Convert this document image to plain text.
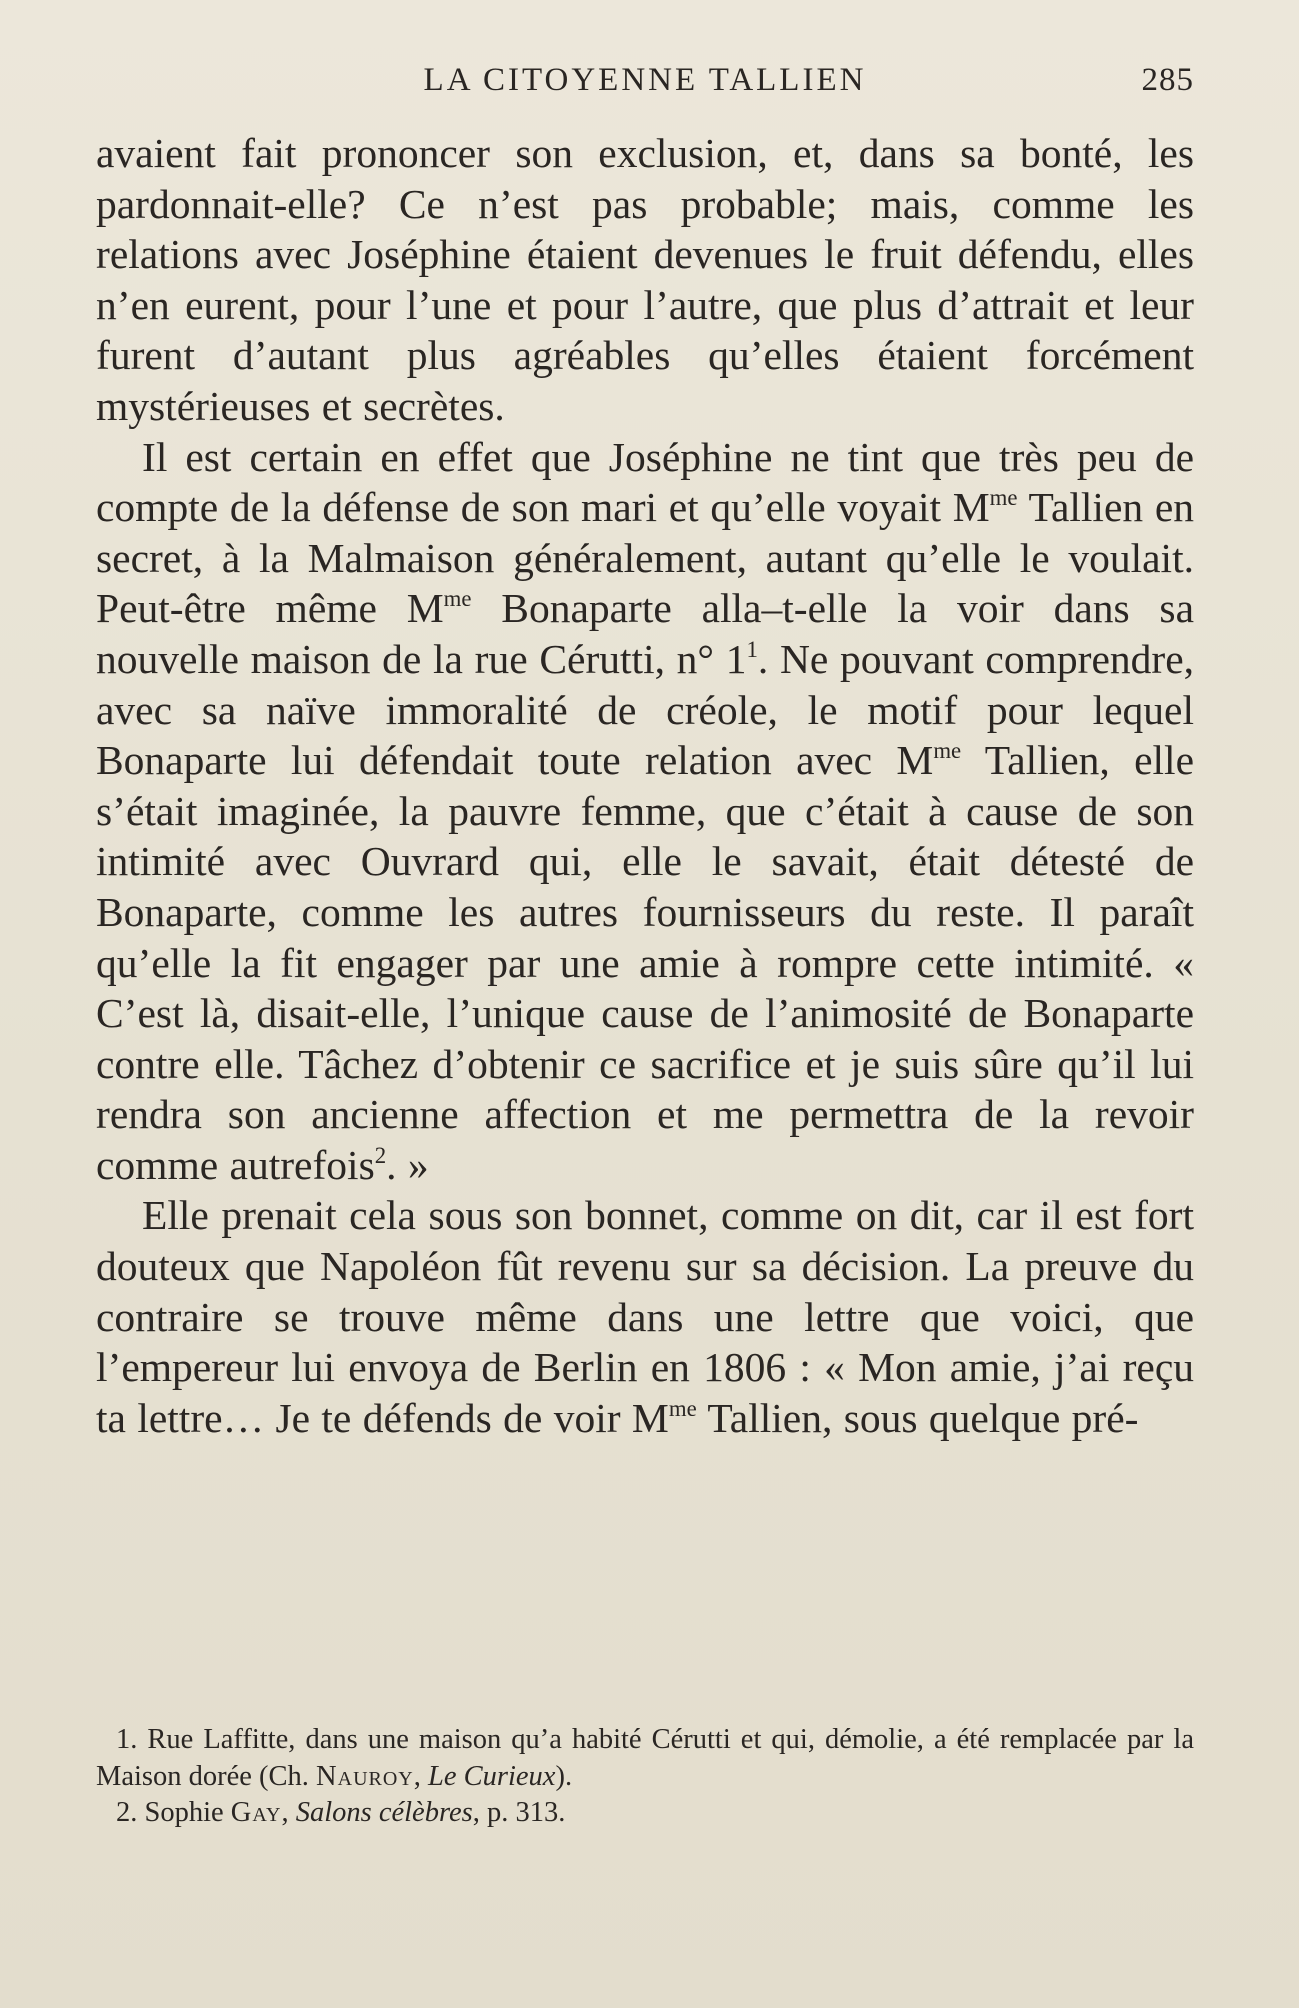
LA CITOYENNE TALLIEN	285

avaient fait prononcer son exclusion, et, dans sa bonté, les pardonnait-elle? Ce n’est pas probable; mais, comme les relations avec Joséphine étaient devenues le fruit défendu, elles n’en eurent, pour l’une et pour l’autre, que plus d’attrait et leur furent d’autant plus agréables qu’elles étaient forcément mystérieuses et secrètes.

Il est certain en effet que Joséphine ne tint que très peu de compte de la défense de son mari et qu’elle voyait $M^{me}$ Tallien en secret, à la Malmaison généralement, autant qu’elle le voulait. Peut-être même $M^{me}$ Bonaparte alla–t-elle la voir dans sa nouvelle maison de la rue Cérutti, n° $1^1$. Ne pouvant comprendre, avec sa naïve immoralité de créole, le motif pour lequel Bonaparte lui défendait toute relation avec $M^{me}$ Tallien, elle s’était imaginée, la pauvre femme, que c’était à cause de son intimité avec Ouvrard qui, elle le savait, était détesté de Bonaparte, comme les autres fournisseurs du reste. Il paraît qu’elle la fit engager par une amie à rompre cette intimité. « C’est là, disait-elle, l’unique cause de l’animosité de Bonaparte contre elle. Tâchez d’obtenir ce sacrifice et je suis sûre qu’il lui rendra son ancienne affection et me permettra de la revoir comme autrefois$^2$. »

Elle prenait cela sous son bonnet, comme on dit, car il est fort douteux que Napoléon fût revenu sur sa décision. La preuve du contraire se trouve même dans une lettre que voici, que l’empereur lui envoya de Berlin en 1806 : « Mon amie, j’ai reçu ta lettre… Je te défends de voir $M^{me}$ Tallien, sous quelque pré-

1. Rue Laffitte, dans une maison qu’a habité Cérutti et qui, démolie, a été remplacée par la Maison dorée (Ch. Nauroy, Le Curieux).

2. Sophie Gay, Salons célèbres, p. 313.
